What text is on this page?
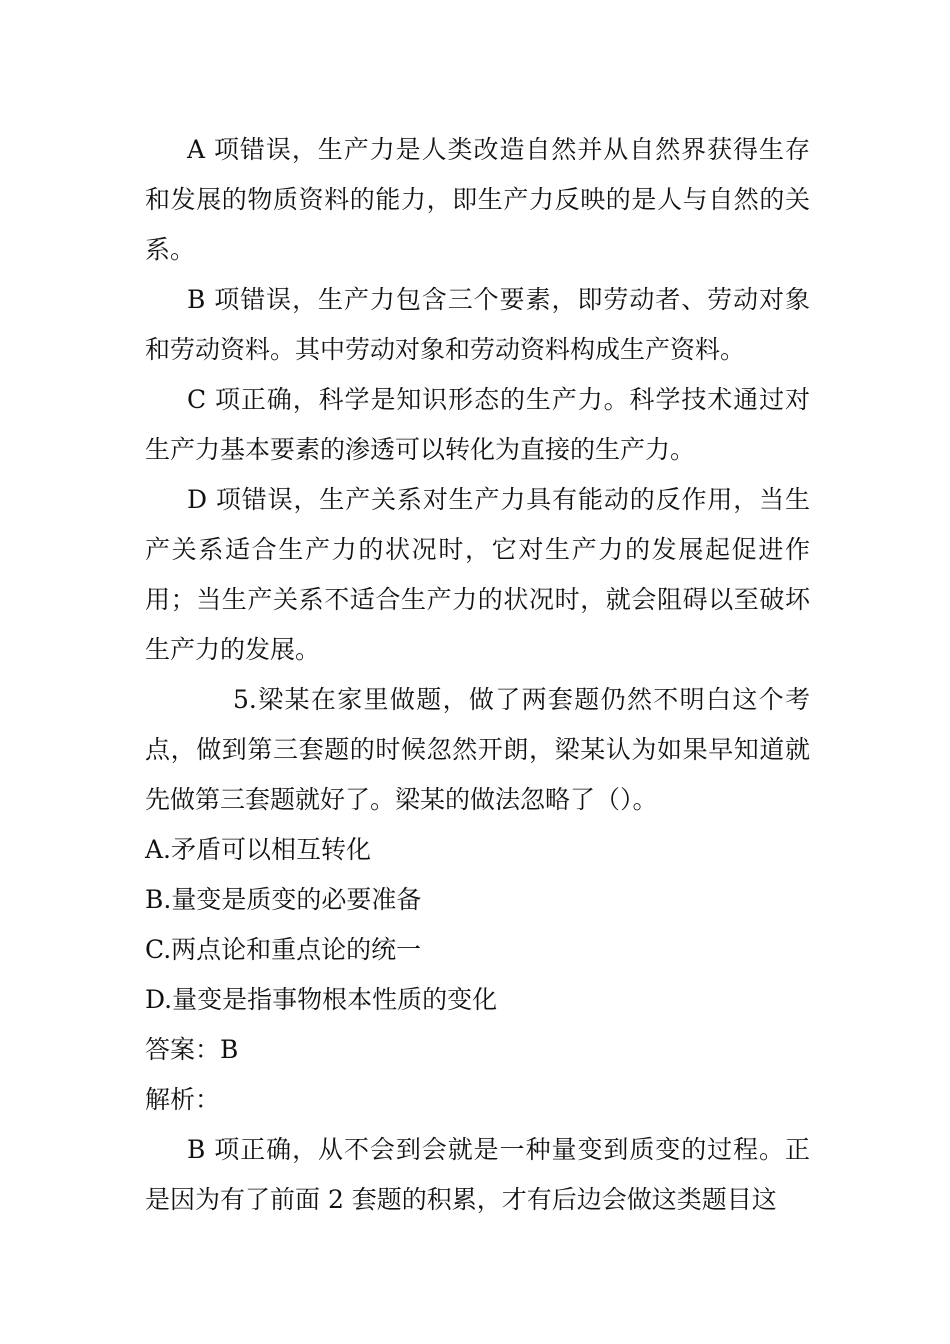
A 项错误，生产力是人类改造自然并从自然界获得生存和发展的物质资料的能力，即生产力反映的是人与自然的关系。

B 项错误，生产力包含三个要素，即劳动者、劳动对象和劳动资料。其中劳动对象和劳动资料构成生产资料。

C 项正确，科学是知识形态的生产力。科学技术通过对生产力基本要素的渗透可以转化为直接的生产力。

D 项错误，生产关系对生产力具有能动的反作用，当生产关系适合生产力的状况时，它对生产力的发展起促进作用；当生产关系不适合生产力的状况时，就会阻碍以至破坏生产力的发展。

5.梁某在家里做题，做了两套题仍然不明白这个考点，做到第三套题的时候忽然开朗，梁某认为如果早知道就先做第三套题就好了。梁某的做法忽略了（）。

A.矛盾可以相互转化

B.量变是质变的必要准备

C.两点论和重点论的统一

D.量变是指事物根本性质的变化

答案：B

解析：

B 项正确，从不会到会就是一种量变到质变的过程。正是因为有了前面 2 套题的积累，才有后边会做这类题目这
